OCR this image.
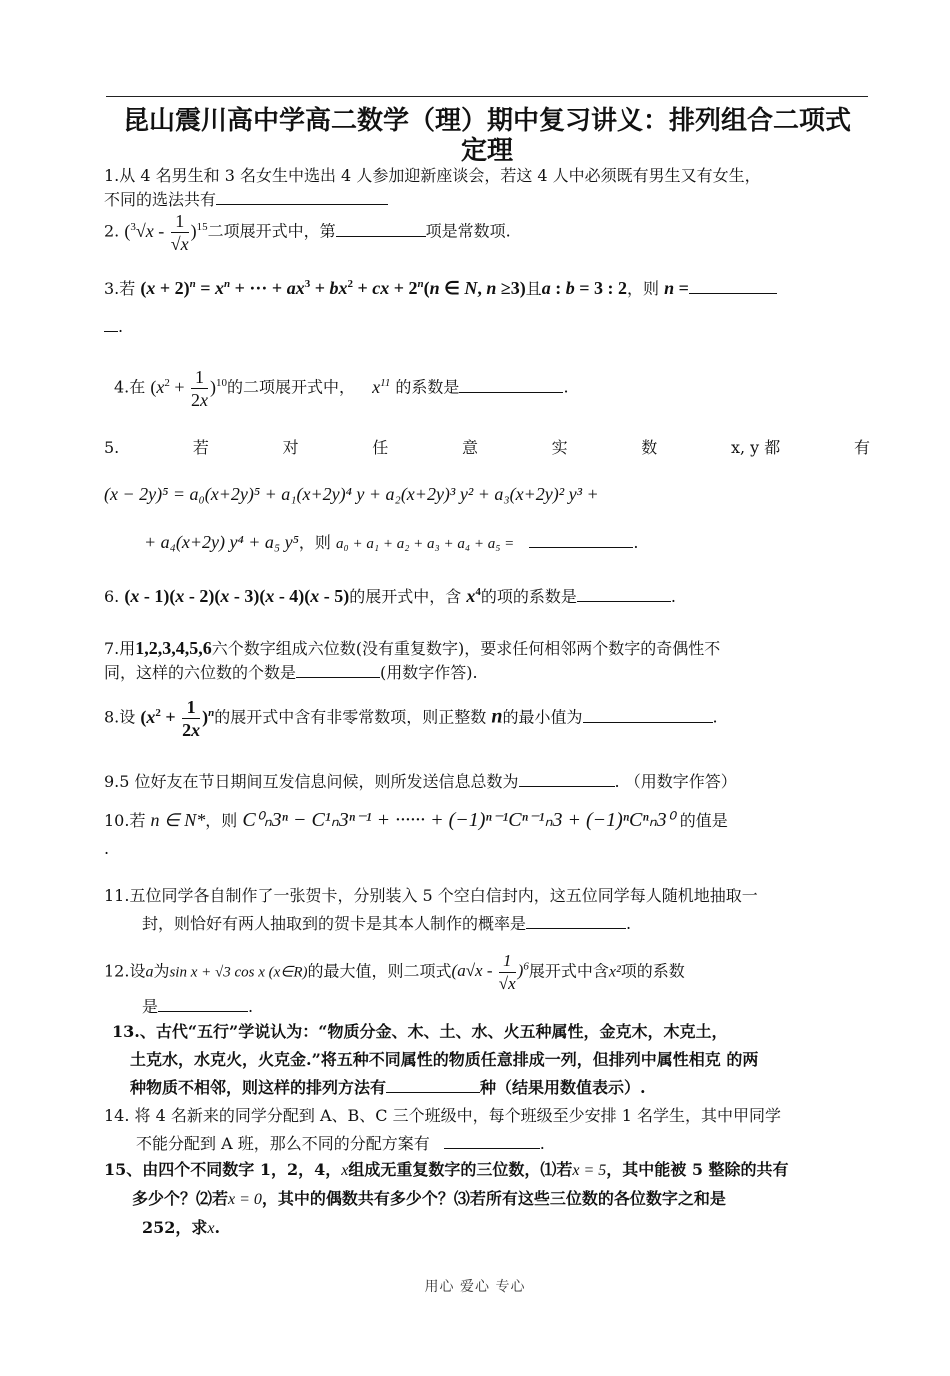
昆山震川高中学高二数学（理）期中复习讲义：排列组合二项式
定理
1.从 4 名男生和 3 名女生中选出 4 人参加迎新座谈会，若这 4 人中必须既有男生又有女生，
不同的选法共有
2. $(^3√x - \frac{1}{√x} )^{15}$二项展开式中，第	项是常数项.
3.若 $(x + 2)^n = x^n$ + ··· + $ax^3 + bx^2$ + cx + $2^n(n$ ∈ N, n ≥3)且a : b = 3 : 2，则 n =
.
4.在 $(x^2 + \frac{1}{2x} )^{10}$的二项展开式中， $x^{11}$ 的系数是	.
5.	若	对	任	意	实	数	x, y 都	有
(x − 2y)⁵ = a₀(x+2y)⁵ + a₁(x+2y)⁴ y + a₂(x+2y)³ y² + a₃(x+2y)² y³ +
+ a₄(x+2y) y⁴ + a₅ y⁵，则 a₀ + a₁ + a₂ + a₃ + a₄ + a₅ =	.
6. (x - 1)(x - 2)(x - 3)(x - 4)(x - 5)的展开式中，含 $x^4$的项的系数是	.
7.用1,2,3,4,5,6六个数字组成六位数(没有重复数字)，要求任何相邻两个数字的奇偶性不
同，这样的六位数的个数是	(用数字作答).
8.设 $(x^2 + \frac{1}{2x} )^n$的展开式中含有非零常数项，则正整数 n的最小值为	.
9.5 位好友在节日期间互发信息问候，则所发送信息总数为	. （用数字作答）
10.若 n ∈ N*，则 C⁰ₙ3ⁿ − C¹ₙ3ⁿ⁻¹ + ······ + (−1)ⁿ⁻¹Cⁿ⁻¹ₙ3 + (−1)ⁿCⁿₙ3⁰ 的值是
.
11.五位同学各自制作了一张贺卡，分别装入 5 个空白信封内，这五位同学每人随机地抽取一
封，则恰好有两人抽取到的贺卡是其本人制作的概率是	.
12.设a为sin x + √3 cos x (x∈R)的最大值，则二项式$(a√x - \frac{1}{√x} )^6$展开式中含x²项的系数
是	.
13.、古代“五行”学说认为：“物质分金、木、土、水、火五种属性，金克木，木克土，
土克水，水克火，火克金.”将五种不同属性的物质任意排成一列，但排列中属性相克 的两
种物质不相邻，则这样的排列方法有	种（结果用数值表示）.
14. 将 4 名新来的同学分配到 A、B、C 三个班级中，每个班级至少安排 1 名学生，其中甲同学
不能分配到 A 班，那么不同的分配方案有	.
15、由四个不同数字 1，2，4，x组成无重复数字的三位数，⑴若x = 5，其中能被 5 整除的共有
多少个？⑵若x = 0，其中的偶数共有多少个？⑶若所有这些三位数的各位数字之和是
252，求x.
用心 爱心 专心
